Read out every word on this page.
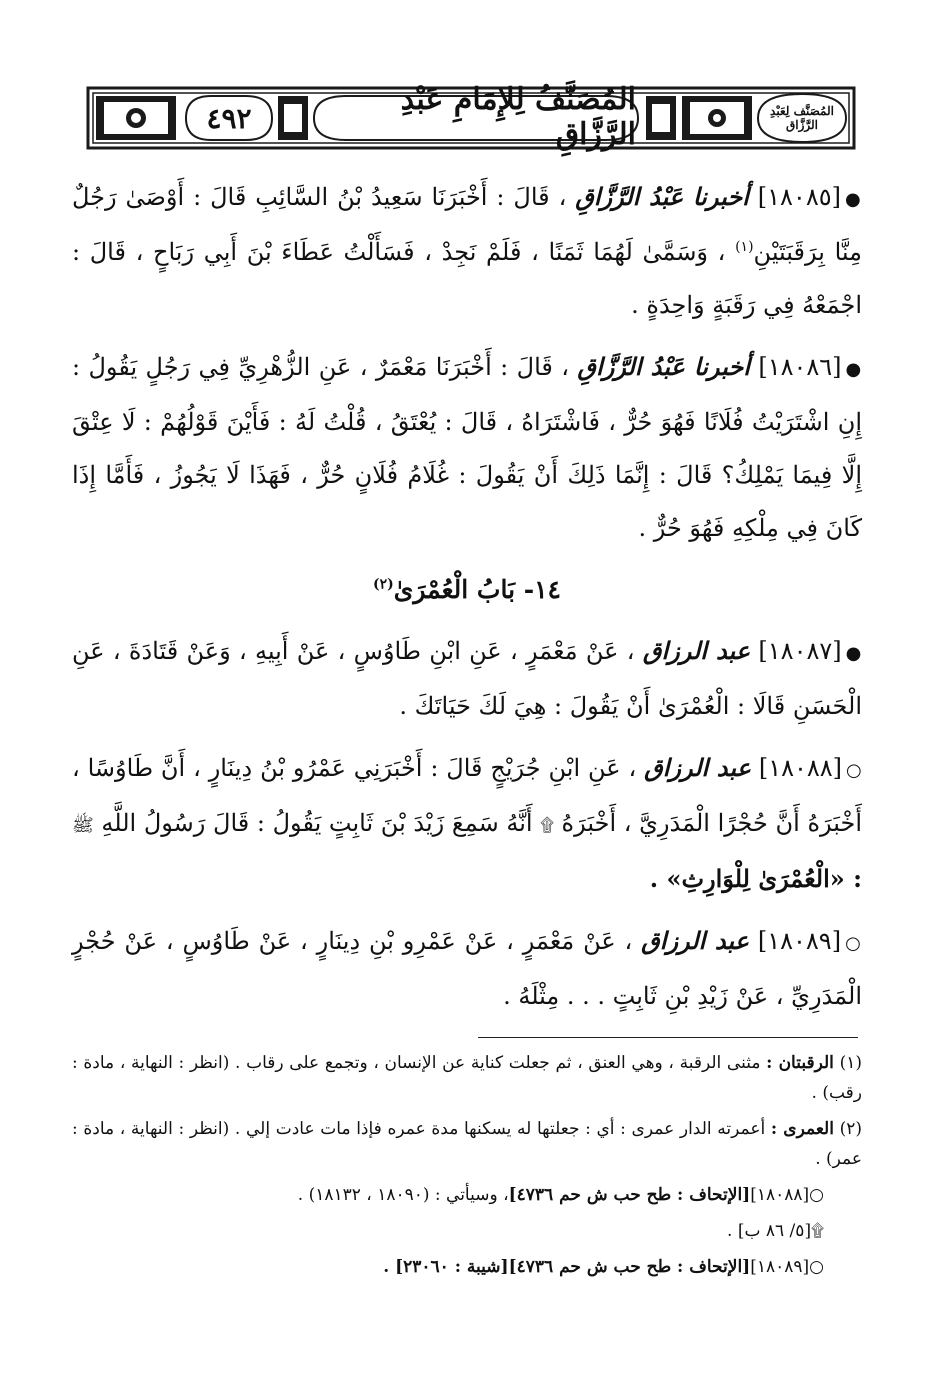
٤٩٢
المُصَنَّفُ لِلإِمَامِ عَبْدِ الرَّزَّاقِ
المُصَنَّف لِعَبْدِ الرَّزَّاق

●[١٨٠٨٥] أخبرنا عَبْدُ الرَّزَّاقِ ، قَالَ : أَخْبَرَنَا سَعِيدُ بْنُ السَّائِبِ قَالَ : أَوْصَىٰ رَجُلٌ مِنَّا بِرَقَبَتَيْنِ$^{(١)}$ ، وَسَمَّىٰ لَهُمَا ثَمَنًا ، فَلَمْ نَجِدْ ، فَسَأَلْتُ عَطَاءَ بْنَ أَبِي رَبَاحٍ ، قَالَ : اجْمَعْهُ فِي رَقَبَةٍ وَاحِدَةٍ .

●[١٨٠٨٦] أخبرنا عَبْدُ الرَّزَّاقِ ، قَالَ : أَخْبَرَنَا مَعْمَرٌ ، عَنِ الزُّهْرِيِّ فِي رَجُلٍ يَقُولُ : إِنِ اشْتَرَيْتُ فُلَانًا فَهُوَ حُرٌّ ، فَاشْتَرَاهُ ، قَالَ : يُعْتَقُ ، قُلْتُ لَهُ : فَأَيْنَ قَوْلُهُمْ : لَا عِتْقَ إِلَّا فِيمَا يَمْلِكُ؟ قَالَ : إِنَّمَا ذَلِكَ أَنْ يَقُولَ : غُلَامُ فُلَانٍ حُرٌّ ، فَهَذَا لَا يَجُوزُ ، فَأَمَّا إِذَا كَانَ فِي مِلْكِهِ فَهُوَ حُرٌّ .

١٤- بَابُ الْعُمْرَىٰ$^{(٢)}$

●[١٨٠٨٧] عبد الرزاق ، عَنْ مَعْمَرٍ ، عَنِ ابْنِ طَاوُسٍ ، عَنْ أَبِيهِ ، وَعَنْ قَتَادَةَ ، عَنِ الْحَسَنِ قَالَا : الْعُمْرَىٰ أَنْ يَقُولَ : هِيَ لَكَ حَيَاتَكَ .

○[١٨٠٨٨] عبد الرزاق ، عَنِ ابْنِ جُرَيْجٍ قَالَ : أَخْبَرَنِي عَمْرُو بْنُ دِينَارٍ ، أَنَّ طَاوُسًا ، أَخْبَرَهُ أَنَّ حُجْرًا الْمَدَرِيَّ ، أَخْبَرَهُ ۩ أَنَّهُ سَمِعَ زَيْدَ بْنَ ثَابِتٍ يَقُولُ : قَالَ رَسُولُ اللَّهِ ﷺ : «الْعُمْرَىٰ لِلْوَارِثِ» .

○[١٨٠٨٩] عبد الرزاق ، عَنْ مَعْمَرٍ ، عَنْ عَمْرِو بْنِ دِينَارٍ ، عَنْ طَاوُسٍ ، عَنْ حُجْرٍ الْمَدَرِيِّ ، عَنْ زَيْدِ بْنِ ثَابِتٍ . . . مِثْلَهُ .

(١) الرقبتان : مثنى الرقبة ، وهي العنق ، ثم جعلت كناية عن الإنسان ، وتجمع على رقاب . (انظر : النهاية ، مادة : رقب) .

(٢) العمرى : أعمرته الدار عمرى : أي : جعلتها له يسكنها مدة عمره فإذا مات عادت إلي . (انظر : النهاية ، مادة : عمر) .

○[١٨٠٨٨][الإتحاف : طح حب ش حم ٤٧٣٦]، وسيأتي : (١٨٠٩٠ ، ١٨١٣٢) .

۩[٥/ ٨٦ ب] .

○[١٨٠٨٩][الإتحاف : طح حب ش حم ٤٧٣٦][شيبة : ٢٣٠٦٠] .
